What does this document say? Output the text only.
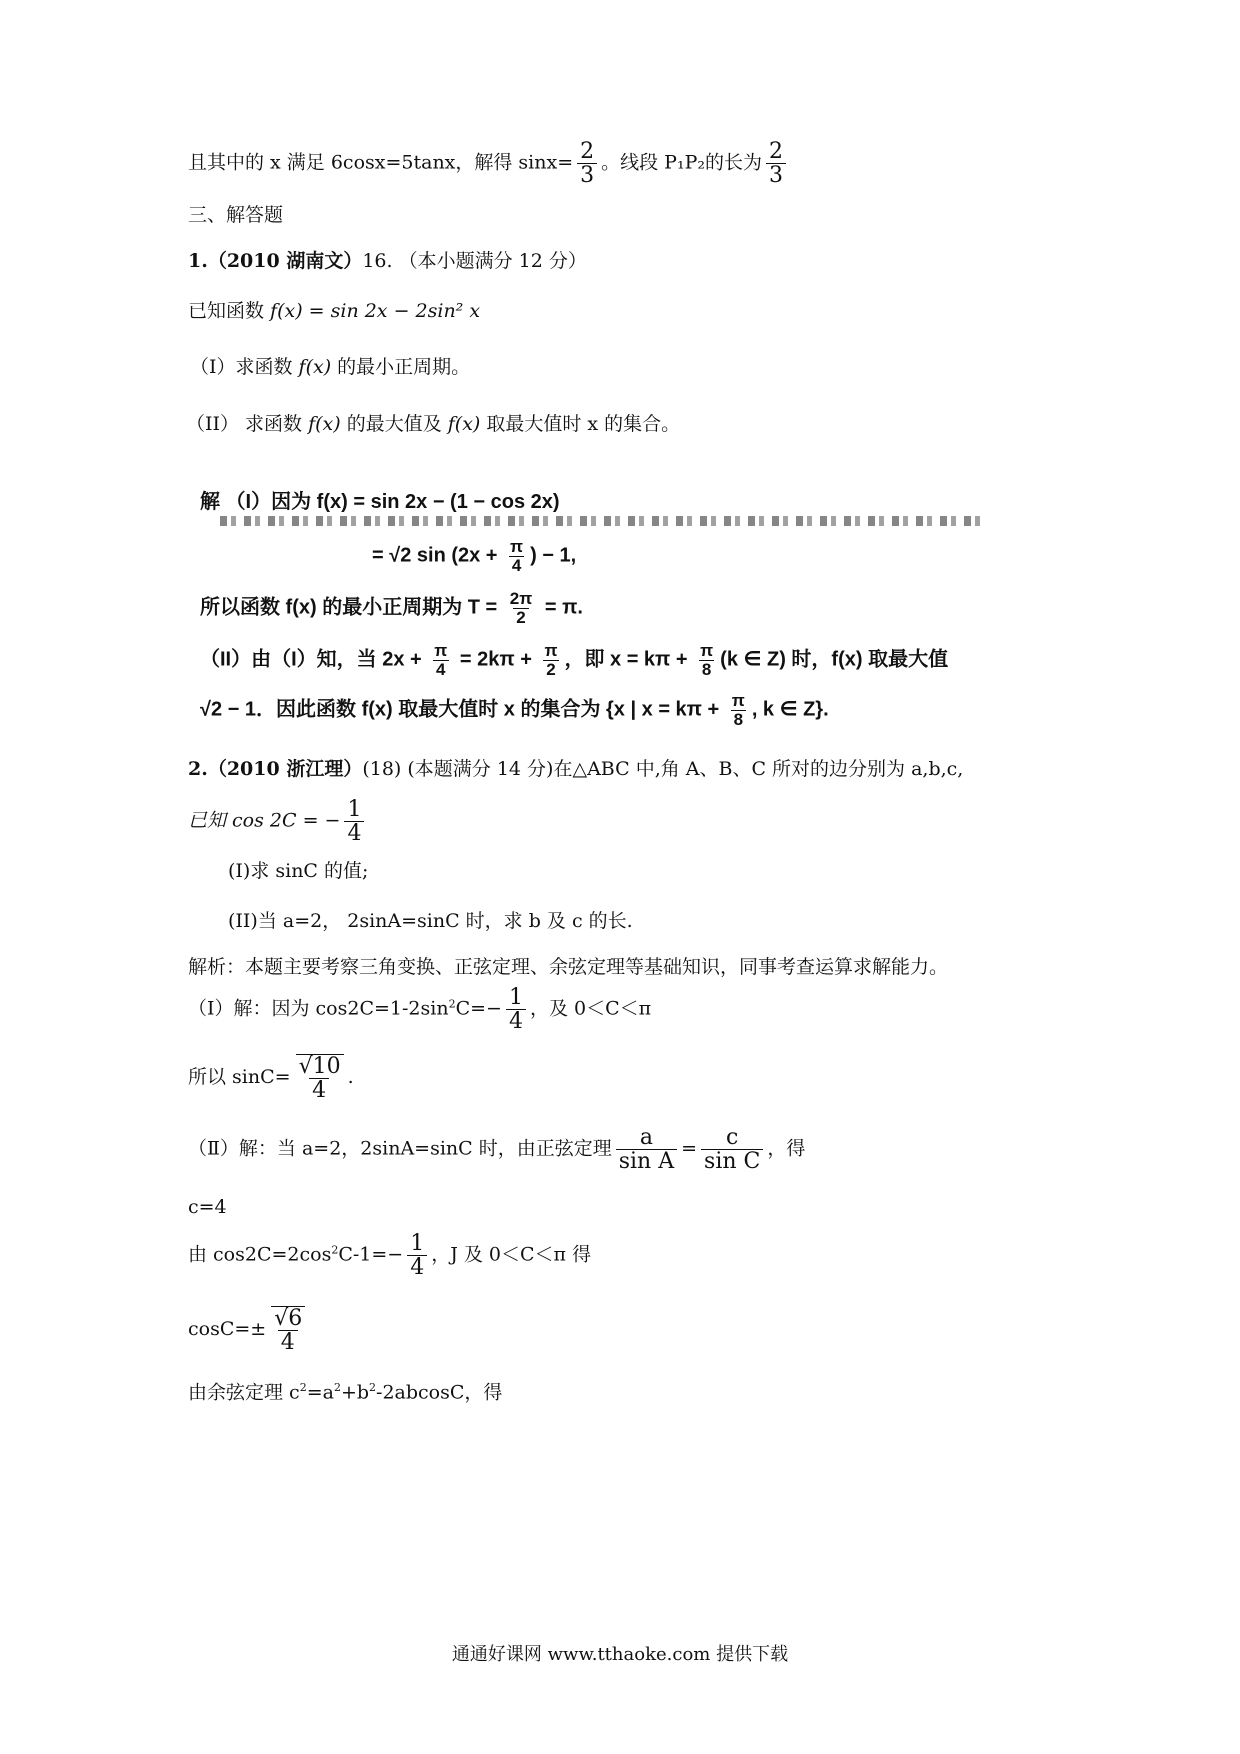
且其中的 x 满足 6cosx=5tanx，解得 $\sin x= \frac{2}{3}$ 。线段 P₁P₂的长为 $\frac{2}{3}$
三、解答题
1.（2010 湖南文）16. （本小题满分 12 分）
已知函数 f(x) = sin 2x − 2sin² x
（I）求函数 f(x) 的最小正周期。
（II） 求函数 f(x) 的最大值及 f(x) 取最大值时 x 的集合。
解 （I）因为 f(x) = sin 2x − (1 − cos 2x)
= √2 $\sin (2x + \frac{\pi}{4}$ ) − 1,
所以函数 f(x) 的最小正周期为 $T = \frac{2\pi}{2} = \pi$.
（II）由（I）知，当 $2x + \frac{\pi}{4} = 2k\pi + \frac{\pi}{2}$ ，即 $x = k\pi + \frac{\pi}{8} (k$ ∈ Z) 时，f(x) 取最大值
√2 − 1．因此函数 f(x) 取最大值时 x 的集合为 {x | $x = k\pi + \frac{\pi}{8}$ , k ∈ Z}.
2.（2010 浙江理）(18) (本题满分 14 分)在△ABC 中,角 A、B、C 所对的边分别为 a,b,c,
已知 cos 2C = − $\frac{1}{4}$
(I)求 sinC 的值;
(II)当 a=2， 2sinA=sinC 时，求 b 及 c 的长.
解析：本题主要考察三角变换、正弦定理、余弦定理等基础知识，同事考查运算求解能力。
（Ⅰ）解：因为 $\cos 2C=1-2\sin^2C=- \frac{1}{4}$ ，及 0＜C＜π
所以 $\sin C= \frac{√10}{4}$ .
（Ⅱ）解：当 a=2，2sinA=sinC 时，由正弦定理 $\frac{a}{\text{sin A}} = \frac{c}{\text{sin C}}$ ，得
c=4
由 $\cos 2C=2\cos^2C-1=- \frac{1}{4}$ ，J 及 0＜C＜π 得
$\cos C=\pm \frac{√6}{4}$
由余弦定理 $c^2=a^2+b^2-2abcosC$，得
通通好课网 www.tthaoke.com 提供下载
